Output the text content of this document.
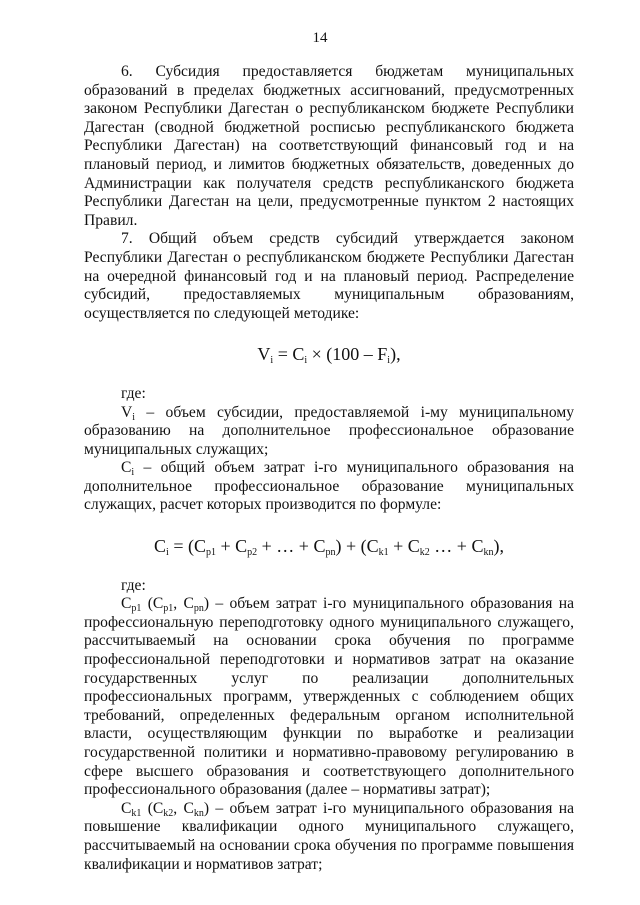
14

6. Субсидия предоставляется бюджетам муниципальных образований в пределах бюджетных ассигнований, предусмотренных законом Республики Дагестан о республиканском бюджете Республики Дагестан (сводной бюджетной росписью республиканского бюджета Республики Дагестан) на соответствующий финансовый год и на плановый период, и лимитов бюджетных обязательств, доведенных до Администрации как получателя средств республиканского бюджета Республики Дагестан на цели, предусмотренные пунктом 2 настоящих Правил.

7. Общий объем средств субсидий утверждается законом Республики Дагестан о республиканском бюджете Республики Дагестан на очередной финансовый год и на плановый период. Распределение субсидий, предоставляемых муниципальным образованиям, осуществляется по следующей методике:

$V_i = C_i \times (100 - F_i)$,

где:

$V_i$ – объем субсидии, предоставляемой i-му муниципальному образованию на дополнительное профессиональное образование муниципальных служащих;

$C_i$ – общий объем затрат i-го муниципального образования на дополнительное профессиональное образование муниципальных служащих, расчет которых производится по формуле:

$C_i = (C_{p1} + C_{p2}$ + … + $C_{pn}) + (C_{k1} + C_{k2}$ … + $C_{kn}$),

где:

$C_{p1}$ ($C_{p1}$, $C_{pn}$) – объем затрат i-го муниципального образования на профессиональную переподготовку одного муниципального служащего, рассчитываемый на основании срока обучения по программе профессиональной переподготовки и нормативов затрат на оказание государственных услуг по реализации дополнительных профессиональных программ, утвержденных с соблюдением общих требований, определенных федеральным органом исполнительной власти, осуществляющим функции по выработке и реализации государственной политики и нормативно-правовому регулированию в сфере высшего образования и соответствующего дополнительного профессионального образования (далее – нормативы затрат);

$C_{k1}$ ($C_{k2}$, $C_{kn}$) – объем затрат i-го муниципального образования на повышение квалификации одного муниципального служащего, рассчитываемый на основании срока обучения по программе повышения квалификации и нормативов затрат;
